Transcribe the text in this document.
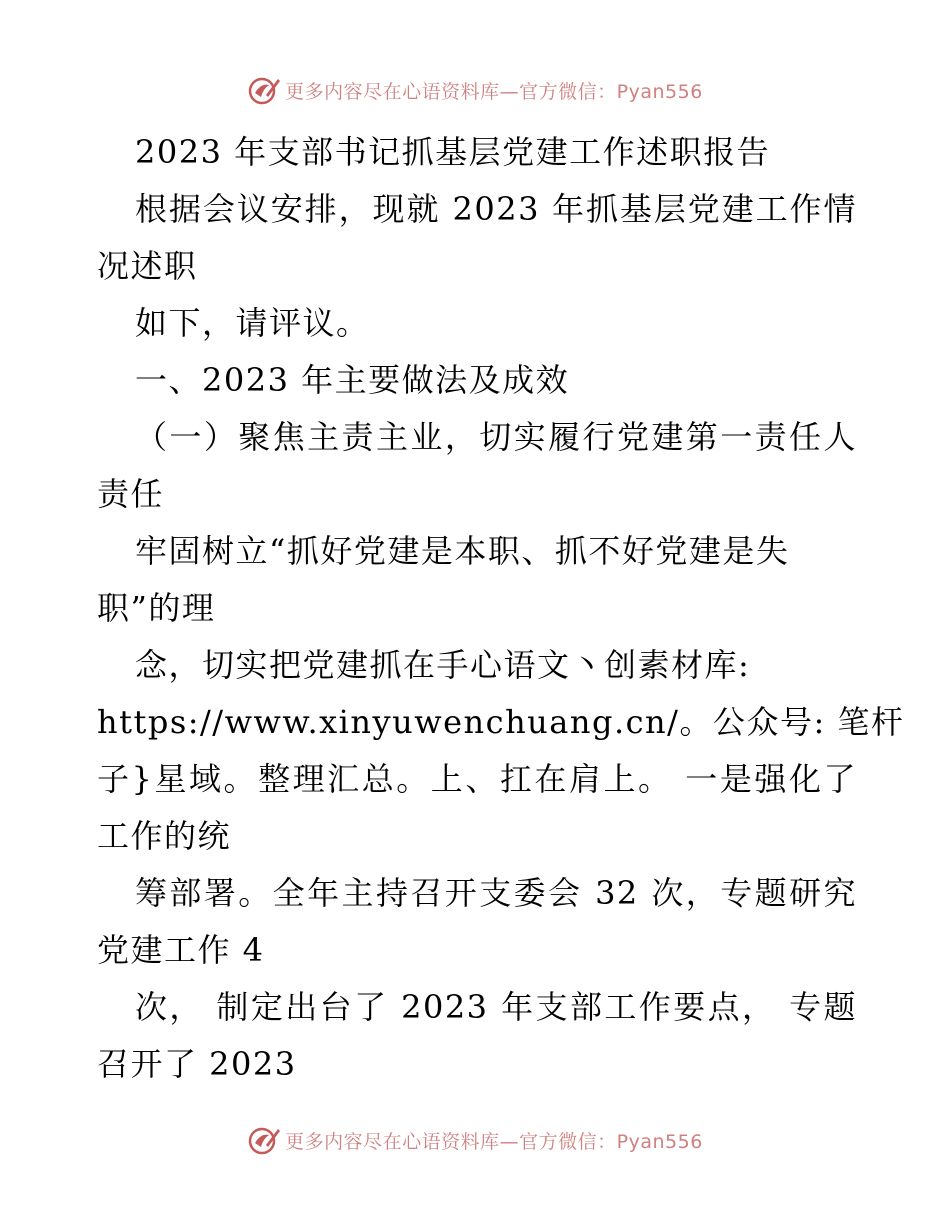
更多内容尽在心语资料库—官方微信：Pyan556
2023 年支部书记抓基层党建工作述职报告
根据会议安排，现就 2023 年抓基层党建工作情
况述职
如下，请评议。
一、2023 年主要做法及成效
（一）聚焦主责主业，切实履行党建第一责任人
责任
牢固树立“抓好党建是本职、抓不好党建是失
职”的理
念，切实把党建抓在手心语文丶创素材库:
https://www.xinyuwenchuang.cn/。公众号: 笔杆
子}星域。整理汇总。上、扛在肩上。 一是强化了
工作的统
筹部署。全年主持召开支委会 32 次，专题研究
党建工作 4
次， 制定出台了 2023 年支部工作要点， 专题
召开了 2023
更多内容尽在心语资料库—官方微信：Pyan556
